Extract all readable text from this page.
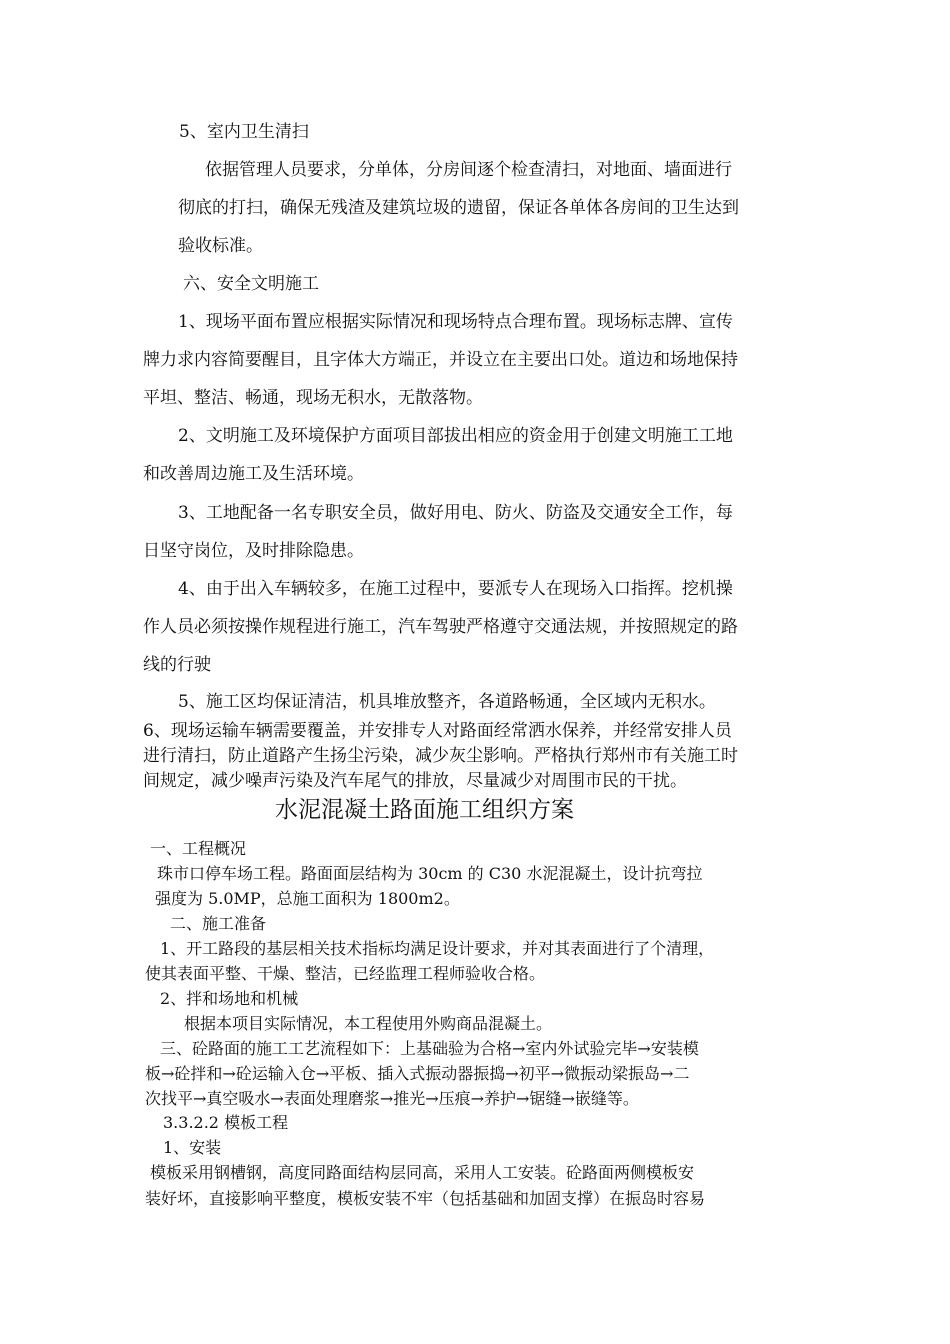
5、室内卫生清扫

依据管理人员要求，分单体，分房间逐个检查清扫，对地面、墙面进行

彻底的打扫，确保无残渣及建筑垃圾的遗留，保证各单体各房间的卫生达到

验收标准。

六、安全文明施工

1、现场平面布置应根据实际情况和现场特点合理布置。现场标志牌、宣传

牌力求内容简要醒目，且字体大方端正，并设立在主要出口处。道边和场地保持

平坦、整洁、畅通，现场无积水，无散落物。

2、文明施工及环境保护方面项目部拔出相应的资金用于创建文明施工工地

和改善周边施工及生活环境。

3、工地配备一名专职安全员，做好用电、防火、防盗及交通安全工作，每

日坚守岗位，及时排除隐患。

4、由于出入车辆较多，在施工过程中，要派专人在现场入口指挥。挖机操

作人员必须按操作规程进行施工，汽车驾驶严格遵守交通法规，并按照规定的路

线的行驶

5、施工区均保证清洁，机具堆放整齐，各道路畅通，全区域内无积水。

6、现场运输车辆需要覆盖，并安排专人对路面经常洒水保养，并经常安排人员

进行清扫，防止道路产生扬尘污染，减少灰尘影响。严格执行郑州市有关施工时

间规定，减少噪声污染及汽车尾气的排放，尽量减少对周围市民的干扰。

水泥混凝土路面施工组织方案

一、工程概况

珠市口停车场工程。路面面层结构为 30cm 的 C30 水泥混凝土，设计抗弯拉

强度为 5.0MP，总施工面积为 1800m2。

二、施工准备

1、开工路段的基层相关技术指标均满足设计要求，并对其表面进行了个清理，

使其表面平整、干燥、整洁，已经监理工程师验收合格。

2、拌和场地和机械

根据本项目实际情况，本工程使用外购商品混凝土。

三、砼路面的施工工艺流程如下：上基础验为合格→室内外试验完毕→安装模

板→砼拌和→砼运输入仓→平板、插入式振动器振捣→初平→微振动梁振岛→二

次找平→真空吸水→表面处理磨浆→推光→压痕→养护→锯缝→嵌缝等。

3.3.2.2 模板工程

1、安装

模板采用钢槽钢，高度同路面结构层同高，采用人工安装。砼路面两侧模板安

装好坏，直接影响平整度，模板安装不牢（包括基础和加固支撑）在振岛时容易
